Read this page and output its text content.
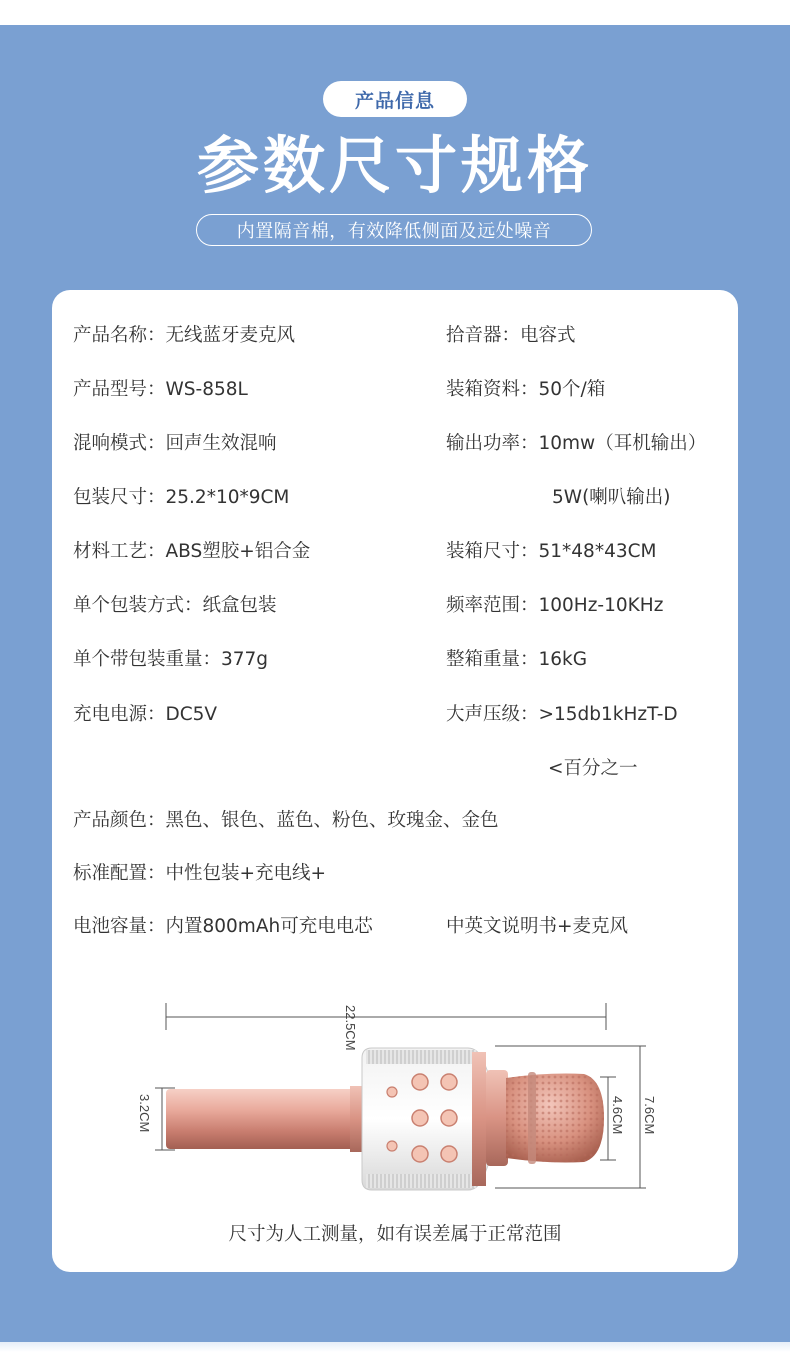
产品信息
参数尺寸规格
内置隔音棉，有效降低侧面及远处噪音
产品名称：无线蓝牙麦克风
产品型号：WS-858L
混响模式：回声生效混响
包装尺寸：25.2*10*9CM
材料工艺：ABS塑胶+铝合金
单个包装方式：纸盒包装
单个带包装重量：377g
充电电源：DC5V
产品颜色：黑色、银色、蓝色、粉色、玫瑰金、金色
标准配置：中性包装+充电线+
电池容量：内置800mAh可充电电芯
拾音器：电容式
装箱资料：50个/箱
输出功率：10mw（耳机输出）
5W(喇叭输出)
装箱尺寸：51*48*43CM
频率范围：100Hz-10KHz
整箱重量：16kG
大声压级：>15db1kHzT-D
<百分之一
中英文说明书+麦克风
22.5CM
3.2CM	4.6CM 7.6CM
尺寸为人工测量，如有误差属于正常范围
